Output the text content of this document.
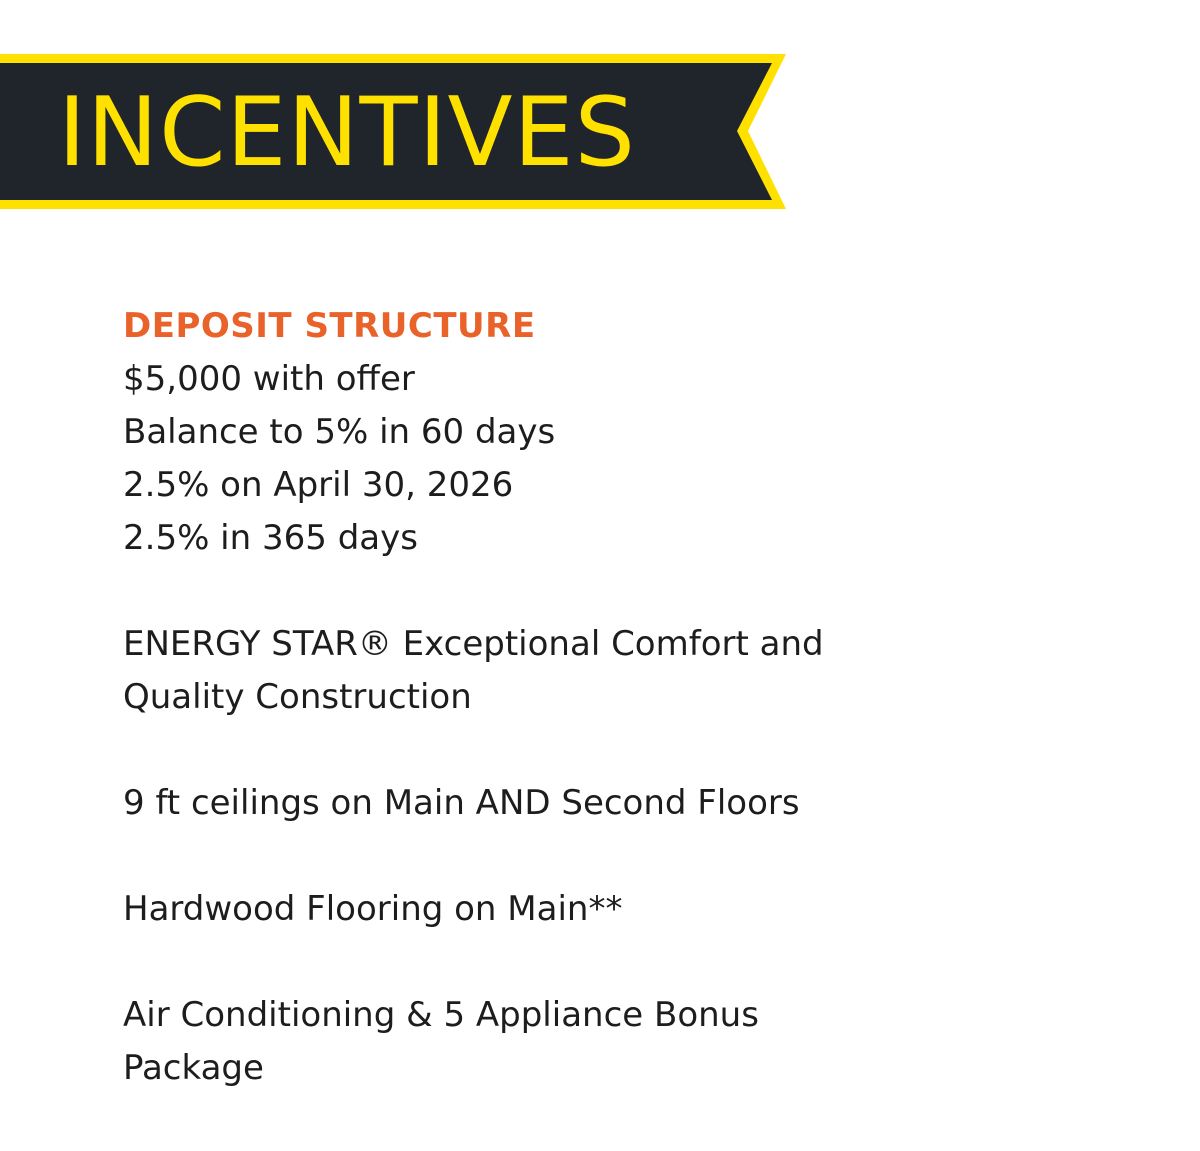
INCENTIVES

DEPOSIT STRUCTURE

$5,000 with offer

Balance to 5% in 60 days

2.5% on April 30, 2026

2.5% in 365 days

ENERGY STAR® Exceptional Comfort and

Quality Construction

9 ft ceilings on Main AND Second Floors

Hardwood Flooring on Main**

Air Conditioning & 5 Appliance Bonus

Package
